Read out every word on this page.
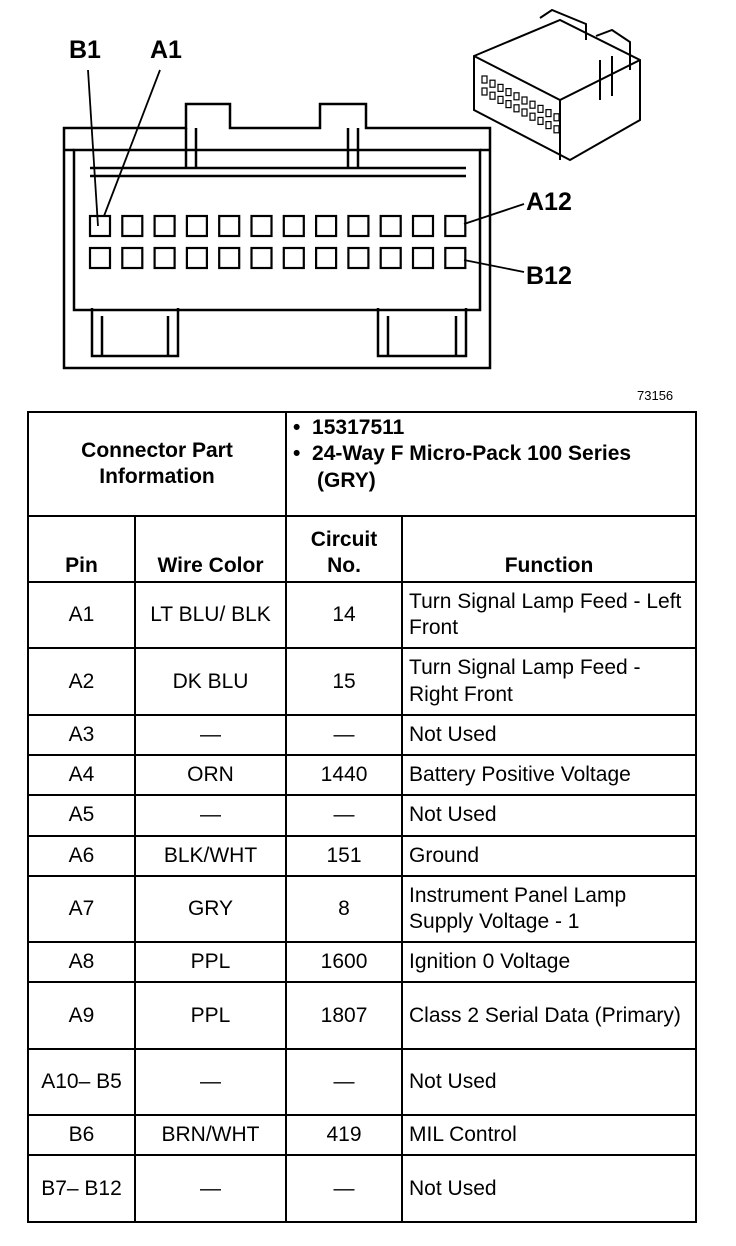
B1 A1
A12
B12
73156
Connector Part Information		•  15317511
•  24-Way F Micro-Pack 100 Series (GRY)	

Pin	Wire Color	Circuit No.	Function
A1	LT BLU/ BLK	14	Turn Signal Lamp Feed - Left Front
A2	DK BLU	15	Turn Signal Lamp Feed - Right Front
A3	—	—	Not Used
A4	ORN	1440	Battery Positive Voltage
A5	—	—	Not Used
A6	BLK/WHT	151	Ground
A7	GRY	8	Instrument Panel Lamp Supply Voltage - 1
A8	PPL	1600	Ignition 0 Voltage
A9	PPL	1807	Class 2 Serial Data (Primary)
A10– B5	—	—	Not Used
B6	BRN/WHT	419	MIL Control
B7– B12	—	—	Not Used
